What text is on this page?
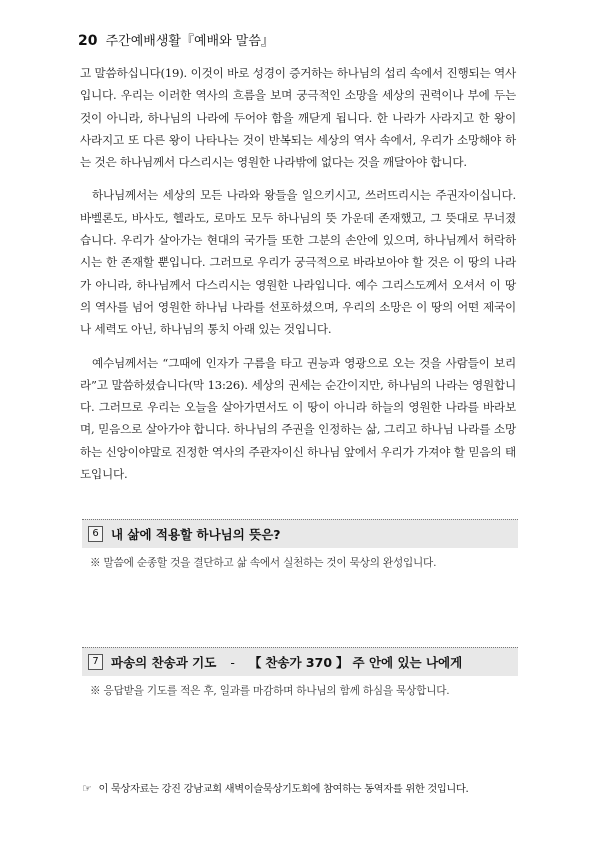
20 주간예배생활『예배와 말씀』

고 말씀하십니다(19). 이것이 바로 성경이 증거하는 하나님의 섭리 속에서 진행되는 역사입니다. 우리는 이러한 역사의 흐름을 보며 궁극적인 소망을 세상의 권력이나 부에 두는 것이 아니라, 하나님의 나라에 두어야 함을 깨닫게 됩니다. 한 나라가 사라지고 한 왕이 사라지고 또 다른 왕이 나타나는 것이 반복되는 세상의 역사 속에서, 우리가 소망해야 하는 것은 하나님께서 다스리시는 영원한 나라밖에 없다는 것을 깨달아야 합니다.

하나님께서는 세상의 모든 나라와 왕들을 일으키시고, 쓰러뜨리시는 주권자이십니다. 바벨론도, 바사도, 헬라도, 로마도 모두 하나님의 뜻 가운데 존재했고, 그 뜻대로 무너졌습니다. 우리가 살아가는 현대의 국가들 또한 그분의 손안에 있으며, 하나님께서 허락하시는 한 존재할 뿐입니다. 그러므로 우리가 궁극적으로 바라보아야 할 것은 이 땅의 나라가 아니라, 하나님께서 다스리시는 영원한 나라입니다. 예수 그리스도께서 오셔서 이 땅의 역사를 넘어 영원한 하나님 나라를 선포하셨으며, 우리의 소망은 이 땅의 어떤 제국이나 세력도 아닌, 하나님의 통치 아래 있는 것입니다.

예수님께서는 “그때에 인자가 구름을 타고 권능과 영광으로 오는 것을 사람들이 보리라”고 말씀하셨습니다(막 13:26). 세상의 권세는 순간이지만, 하나님의 나라는 영원합니다. 그러므로 우리는 오늘을 살아가면서도 이 땅이 아니라 하늘의 영원한 나라를 바라보며, 믿음으로 살아가야 합니다. 하나님의 주권을 인정하는 삶, 그리고 하나님 나라를 소망하는 신앙이야말로 진정한 역사의 주관자이신 하나님 앞에서 우리가 가져야 할 믿음의 태도입니다.

6 내 삶에 적용할 하나님의 뜻은?
※ 말씀에 순종할 것을 결단하고 삶 속에서 실천하는 것이 묵상의 완성입니다.
7 파송의 찬송과 기도 - 【 찬송가 370 】 주 안에 있는 나에게
※ 응답받을 기도를 적은 후, 일과를 마감하며 하나님의 함께 하심을 묵상합니다.
☞ 이 묵상자료는 강진 강남교회 새벽이슬묵상기도회에 참여하는 동역자를 위한 것입니다.
